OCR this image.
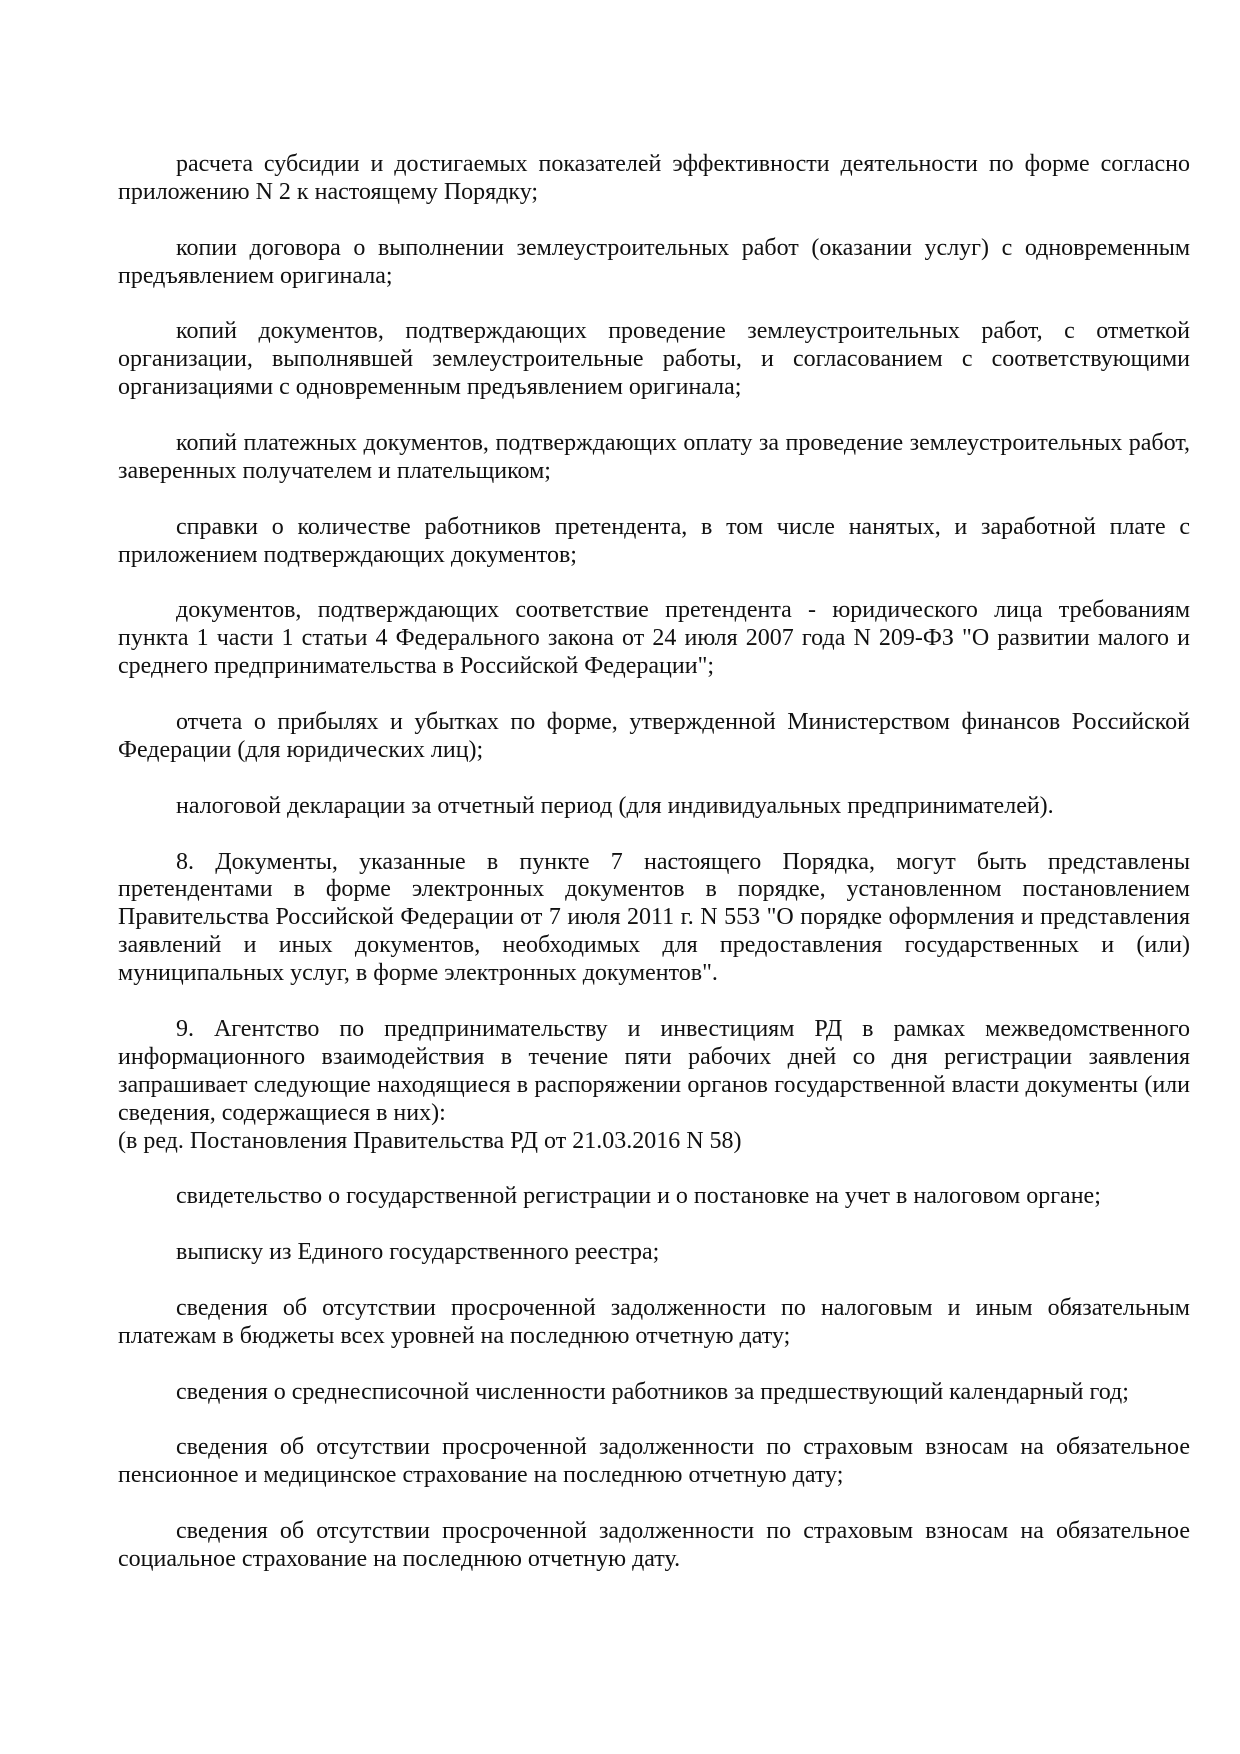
расчета субсидии и достигаемых показателей эффективности деятельности по форме согласно приложению N 2 к настоящему Порядку;

копии договора о выполнении землеустроительных работ (оказании услуг) с одновременным предъявлением оригинала;

копий документов, подтверждающих проведение землеустроительных работ, с отметкой организации, выполнявшей землеустроительные работы, и согласованием с соответствующими организациями с одновременным предъявлением оригинала;

копий платежных документов, подтверждающих оплату за проведение землеустроительных работ, заверенных получателем и плательщиком;

справки о количестве работников претендента, в том числе нанятых, и заработной плате с приложением подтверждающих документов;

документов, подтверждающих соответствие претендента - юридического лица требованиям пункта 1 части 1 статьи 4 Федерального закона от 24 июля 2007 года N 209-ФЗ "О развитии малого и среднего предпринимательства в Российской Федерации";

отчета о прибылях и убытках по форме, утвержденной Министерством финансов Российской Федерации (для юридических лиц);

налоговой декларации за отчетный период (для индивидуальных предпринимателей).

8. Документы, указанные в пункте 7 настоящего Порядка, могут быть представлены претендентами в форме электронных документов в порядке, установленном постановлением Правительства Российской Федерации от 7 июля 2011 г. N 553 "О порядке оформления и представления заявлений и иных документов, необходимых для предоставления государственных и (или) муниципальных услуг, в форме электронных документов".

9. Агентство по предпринимательству и инвестициям РД в рамках межведомственного информационного взаимодействия в течение пяти рабочих дней со дня регистрации заявления запрашивает следующие находящиеся в распоряжении органов государственной власти документы (или сведения, содержащиеся в них):

(в ред. Постановления Правительства РД от 21.03.2016 N 58)

свидетельство о государственной регистрации и о постановке на учет в налоговом органе;

выписку из Единого государственного реестра;

сведения об отсутствии просроченной задолженности по налоговым и иным обязательным платежам в бюджеты всех уровней на последнюю отчетную дату;

сведения о среднесписочной численности работников за предшествующий календарный год;

сведения об отсутствии просроченной задолженности по страховым взносам на обязательное пенсионное и медицинское страхование на последнюю отчетную дату;

сведения об отсутствии просроченной задолженности по страховым взносам на обязательное социальное страхование на последнюю отчетную дату.
